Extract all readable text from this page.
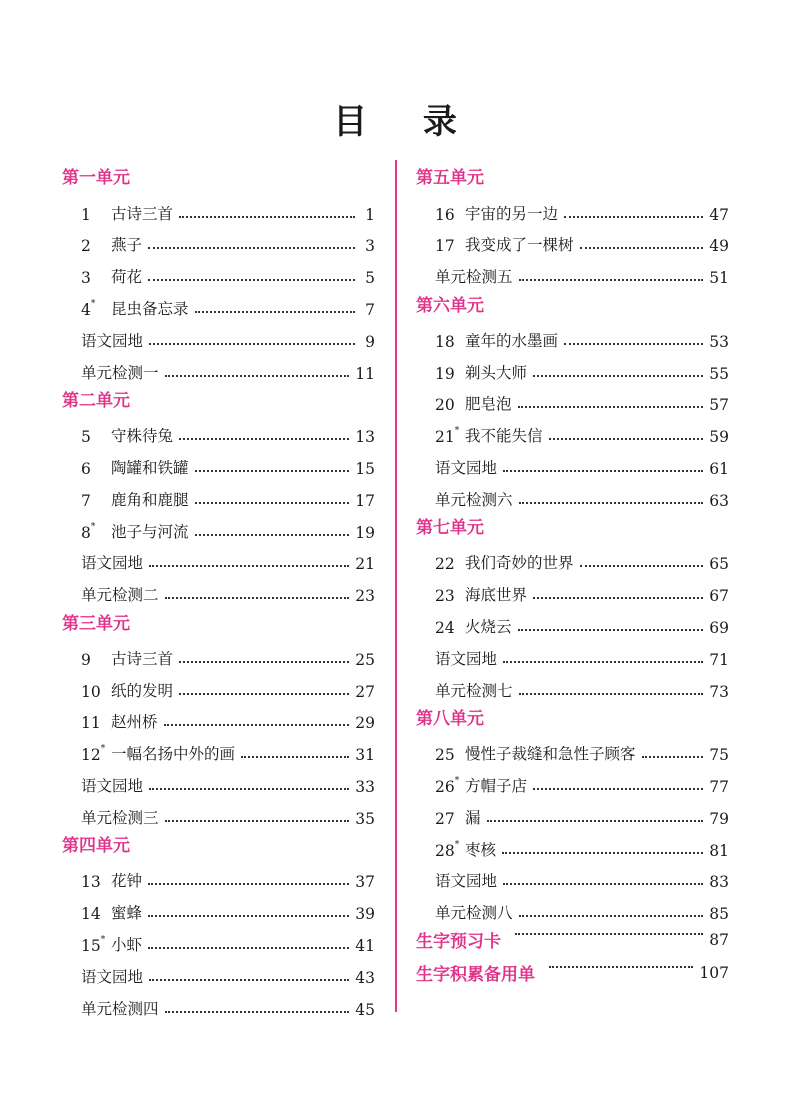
目 录
第一单元
1	古诗三首	1
2	燕子	3
3	荷花	5
4*	昆虫备忘录	7
语文园地	9
单元检测一	11
第二单元
5	守株待兔	13
6	陶罐和铁罐	15
7	鹿角和鹿腿	17
8*	池子与河流	19
语文园地	21
单元检测二	23
第三单元
9	古诗三首	25
10 纸的发明	27
11 赵州桥	29
12* 一幅名扬中外的画	31
语文园地	33
单元检测三	35
第四单元
13 花钟	37
14 蜜蜂	39
15* 小虾	41
语文园地	43
单元检测四	45
第五单元
16 宇宙的另一边	47
17 我变成了一棵树	49
单元检测五	51
第六单元
18 童年的水墨画	53
19 剃头大师	55
20 肥皂泡	57
21* 我不能失信	59
语文园地	61
单元检测六	63
第七单元
22 我们奇妙的世界	65
23 海底世界	67
24 火烧云	69
语文园地	71
单元检测七	73
第八单元
25 慢性子裁缝和急性子顾客	75
26* 方帽子店	77
27 漏	79
28* 枣核	81
语文园地	83
单元检测八	85
生字预习卡	87
生字积累备用单	107
